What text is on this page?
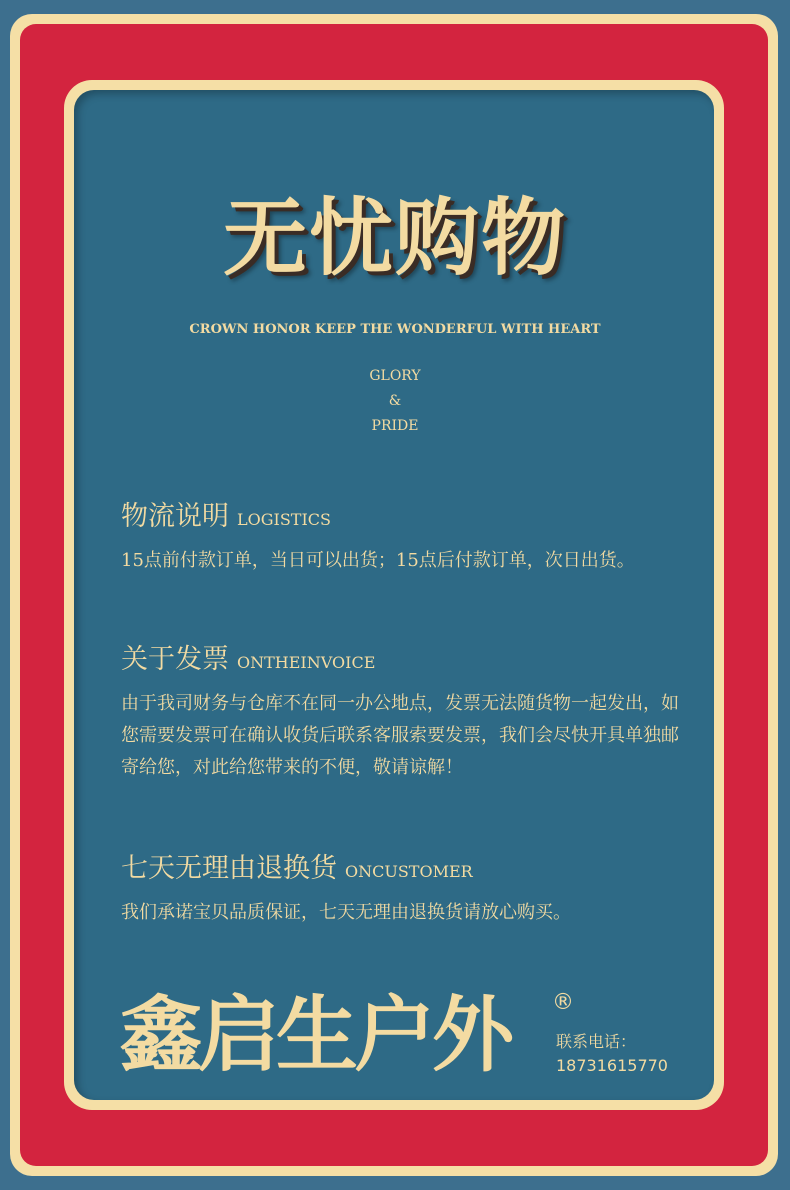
无忧购物
CROWN HONOR KEEP THE WONDERFUL WITH HEART
GLORY
&
PRIDE
物流说明 LOGISTICS
15点前付款订单，当日可以出货；15点后付款订单，次日出货。
关于发票 ONTHEINVOICE
由于我司财务与仓库不在同一办公地点，发票无法随货物一起发出，如您需要发票可在确认收货后联系客服索要发票，我们会尽快开具单独邮寄给您，对此给您带来的不便，敬请谅解！
七天无理由退换货 ONCUSTOMER
我们承诺宝贝品质保证，七天无理由退换货请放心购买。
鑫启生户外	®
联系电话：
18731615770
